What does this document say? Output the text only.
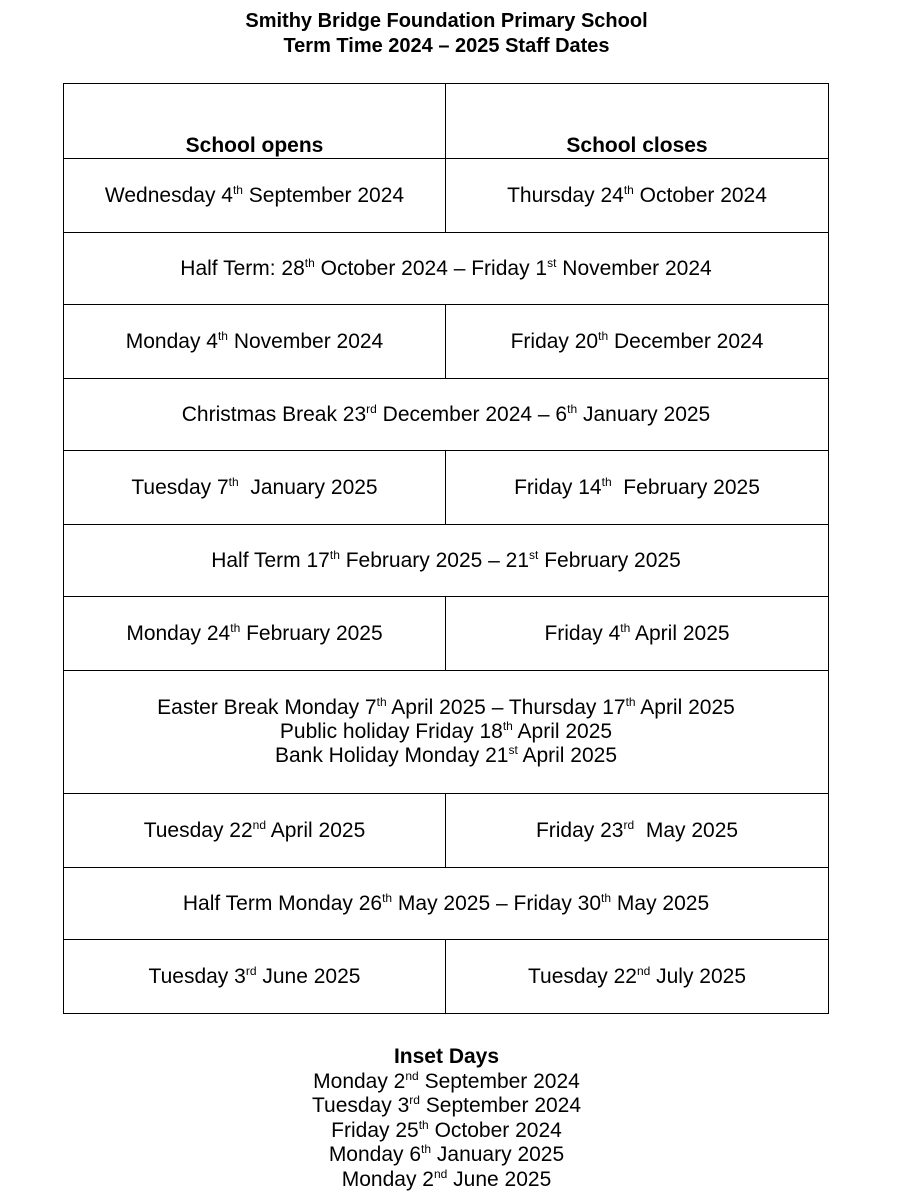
Smithy Bridge Foundation Primary School
Term Time 2024 – 2025 Staff Dates
School opens	School closes
Wednesday 4th September 2024	Thursday 24th October 2024

Half Term: 28th October 2024 – Friday 1st November 2024	

Monday 4th November 2024	Friday 20th December 2024

Christmas Break 23rd December 2024 – 6th January 2025	

Tuesday 7th  January 2025	Friday 14th  February 2025

Half Term 17th February 2025 – 21st February 2025	

Monday 24th February 2025	Friday 4th April 2025

Easter Break Monday 7th April 2025 – Thursday 17th April 2025
Public holiday Friday 18th April 2025
Bank Holiday Monday 21st April 2025	

Tuesday 22nd April 2025	Friday 23rd  May 2025

Half Term Monday 26th May 2025 – Friday 30th May 2025	

Tuesday 3rd June 2025	Tuesday 22nd July 2025
Inset Days
Monday 2nd September 2024
Tuesday 3rd September 2024
Friday 25th October 2024
Monday 6th January 2025
Monday 2nd June 2025
